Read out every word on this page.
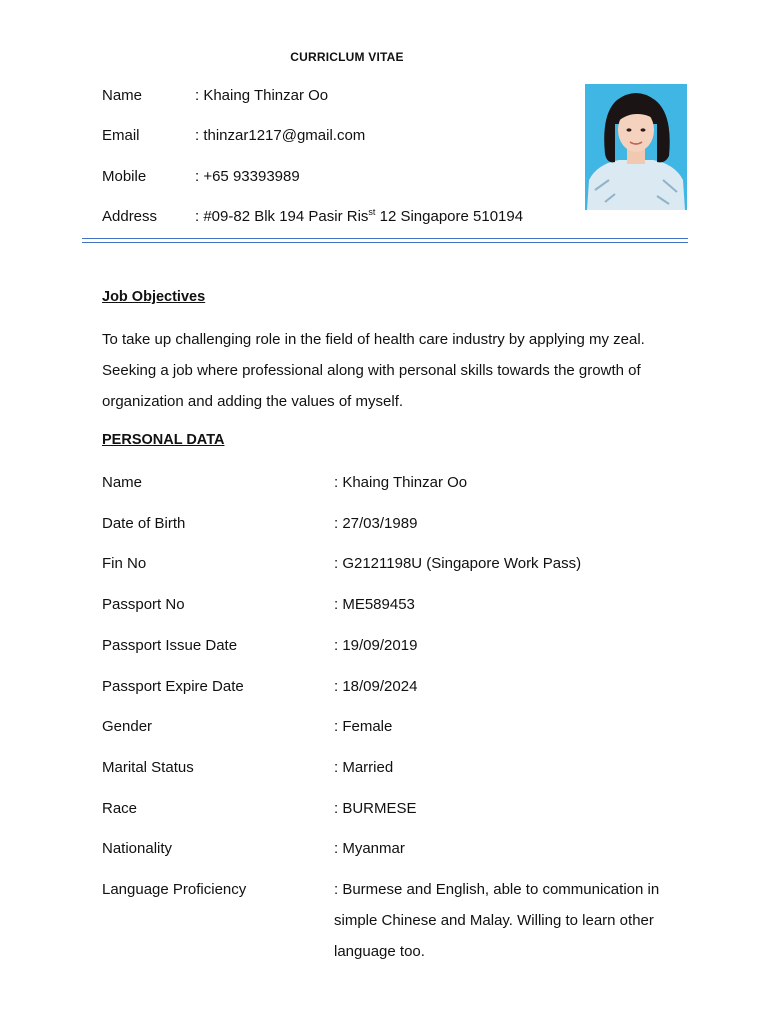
CURRICLUM VITAE
Name	: Khaing Thinzar Oo
Email	: thinzar1217@gmail.com
Mobile	: +65 93393989
Address	: #09-82 Blk 194 Pasir Ris$^{st}$ 12 Singapore 510194
Job Objectives
To take up challenging role in the field of health care industry by applying my zeal.
Seeking a job where professional along with personal skills towards the growth of
organization and adding the values of myself.
PERSONAL DATA
Name	: Khaing Thinzar Oo
Date of Birth	: 27/03/1989
Fin No	: G2121198U (Singapore Work Pass)
Passport No	: ME589453
Passport Issue Date	: 19/09/2019
Passport Expire Date	: 18/09/2024
Gender	: Female
Marital Status	: Married
Race	: BURMESE
Nationality	: Myanmar
Language Proficiency	: Burmese and English, able to communication in
simple Chinese and Malay. Willing to learn other
language too.
